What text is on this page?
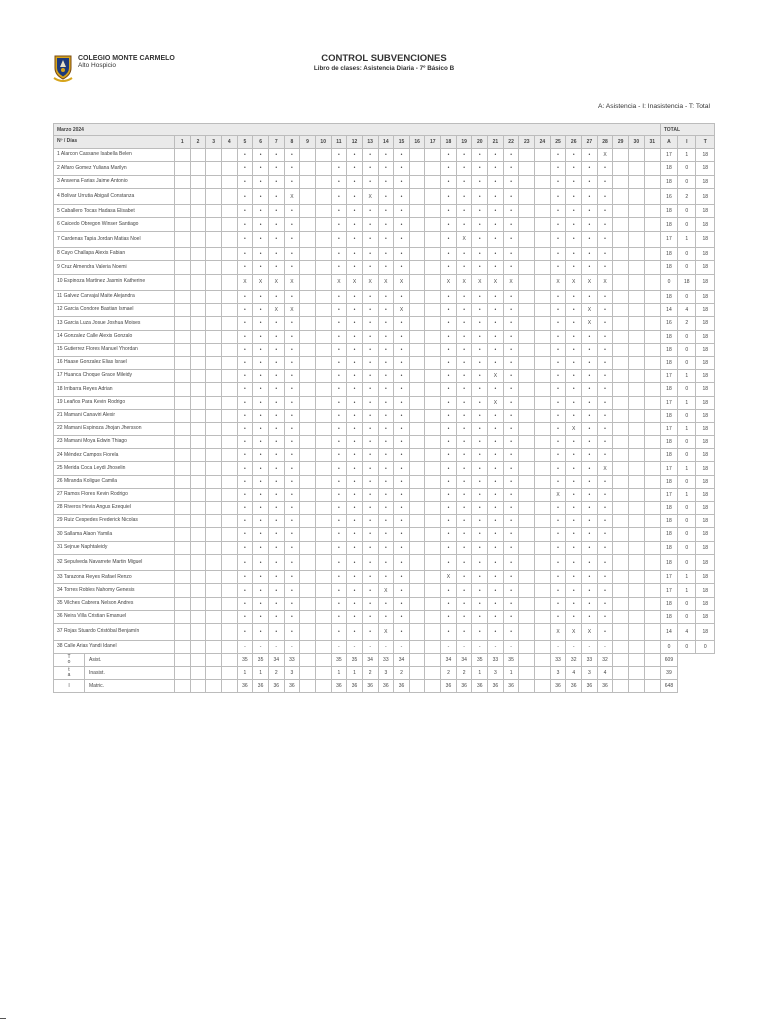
COLEGIO MONTE CARMELO
Alto Hospicio
CONTROL SUBVENCIONES
Libro de clases: Asistencia Diaria - 7º Básico B
A: Asistencia - I: Inasistencia - T: Total
Marzo 2024																																TOTAL		
Nº / Días	1	2	3	4	5	6	7	8	9	10	11	12	13	14	15	16	17	18	19	20	21	22	23	24	25	26	27	28	29	30	31	A	I	T
1 Alarcon Cassane Isabella Belen					•	•	•	•			•	•	•	•	•			•	•	•	•	•			•	•	•	X				17	1	18
2 Alfaro Gomez Yuliana Marilyn					•	•	•	•			•	•	•	•	•			•	•	•	•	•			•	•	•	•				18	0	18
3 Aravena Farias Jaime Antonio					•	•	•	•			•	•	•	•	•			•	•	•	•	•			•	•	•	•				18	0	18
4 Bolivar Urrutia Abigail Constanza					•	•	•	X			•	•	X	•	•			•	•	•	•	•			•	•	•	•				16	2	18
5 Caballero Tocas Hadasa Elisabet					•	•	•	•			•	•	•	•	•			•	•	•	•	•			•	•	•	•				18	0	18
6 Caicedo Obregon Winser Santiago					•	•	•	•			•	•	•	•	•			•	•	•	•	•			•	•	•	•				18	0	18
7 Cardenas Tapia Jordan Matias Noel					•	•	•	•			•	•	•	•	•			•	X	•	•	•			•	•	•	•				17	1	18
8 Cayo Challapa Alexis Fabian					•	•	•	•			•	•	•	•	•			•	•	•	•	•			•	•	•	•				18	0	18
9 Cruz Almendra Valeria Noemi					•	•	•	•			•	•	•	•	•			•	•	•	•	•			•	•	•	•				18	0	18
10 Espinoza Martinez Jasmin Katherine					X	X	X	X			X	X	X	X	X			X	X	X	X	X			X	X	X	X				0	18	18
11 Galvez Carvajal Maite Alejandra					•	•	•	•			•	•	•	•	•			•	•	•	•	•			•	•	•	•				18	0	18
12 Garcia Condore Bastian Ismael					•	•	X	X			•	•	•	•	X			•	•	•	•	•			•	•	X	•				14	4	18
13 Garcia Luza Josue Joshua Moises					•	•	•	•			•	•	•	•	•			•	•	•	•	•			•	•	X	•				16	2	18
14 Gonzalez Calle Alexis Gonzalo					•	•	•	•			•	•	•	•	•			•	•	•	•	•			•	•	•	•				18	0	18
15 Gutierrez Flores Manuel Yhordan					•	•	•	•			•	•	•	•	•			•	•	•	•	•			•	•	•	•				18	0	18
16 Haase Gonzalez Elias Israel					•	•	•	•			•	•	•	•	•			•	•	•	•	•			•	•	•	•				18	0	18
17 Huanca Choque Grace Mileidy					•	•	•	•			•	•	•	•	•			•	•	•	X	•			•	•	•	•				17	1	18
18 Irribarra Reyes Adrian					•	•	•	•			•	•	•	•	•			•	•	•	•	•			•	•	•	•				18	0	18
19 Leaños Para Kevin Rodrigo					•	•	•	•			•	•	•	•	•			•	•	•	X	•			•	•	•	•				17	1	18
21 Mamani Canaviri Alexir					•	•	•	•			•	•	•	•	•			•	•	•	•	•			•	•	•	•				18	0	18
22 Mamani Espinoza Jhojan Jhersson					•	•	•	•			•	•	•	•	•			•	•	•	•	•			•	X	•	•				17	1	18
23 Mamani Moya Edwin Thiago					•	•	•	•			•	•	•	•	•			•	•	•	•	•			•	•	•	•				18	0	18
24 Méndez Campos Fiorela					•	•	•	•			•	•	•	•	•			•	•	•	•	•			•	•	•	•				18	0	18
25 Merida Coca Leydi Jhoselin					•	•	•	•			•	•	•	•	•			•	•	•	•	•			•	•	•	X				17	1	18
26 Miranda Koligue Camila					•	•	•	•			•	•	•	•	•			•	•	•	•	•			•	•	•	•				18	0	18
27 Ramos Flores Kevin Rodrigo					•	•	•	•			•	•	•	•	•			•	•	•	•	•			X	•	•	•				17	1	18
28 Riveros Hevia Angus Ezequiel					•	•	•	•			•	•	•	•	•			•	•	•	•	•			•	•	•	•				18	0	18
29 Ruiz Cespedes Frederick Nicolas					•	•	•	•			•	•	•	•	•			•	•	•	•	•			•	•	•	•				18	0	18
30 Sallama Alaon Yamila					•	•	•	•			•	•	•	•	•			•	•	•	•	•			•	•	•	•				18	0	18
31 Sejnue Naphtaleidy					•	•	•	•			•	•	•	•	•			•	•	•	•	•			•	•	•	•				18	0	18
32 Sepulveda Navarrete Martin Miguel					•	•	•	•			•	•	•	•	•			•	•	•	•	•			•	•	•	•				18	0	18
33 Tarazona Reyes Rafael Renzo					•	•	•	•			•	•	•	•	•			X	•	•	•	•			•	•	•	•				17	1	18
34 Torres Robles Nahomy Genesis					•	•	•	•			•	•	•	X	•			•	•	•	•	•			•	•	•	•				17	1	18
35 Vilches Cabrera Nelson Andres					•	•	•	•			•	•	•	•	•			•	•	•	•	•			•	•	•	•				18	0	18
36 Neira Villa Cristian Emanuel					•	•	•	•			•	•	•	•	•			•	•	•	•	•			•	•	•	•				18	0	18
37 Rojas Stuardo Cristóbal Benjamín					•	•	•	•			•	•	•	X	•			•	•	•	•	•			X	X	X	•				14	4	18
38 Calle Arias Yandi Idanel					-	-	-	-			-	-	-	-	-			-	-	-	-	-			-	-	-	-				0	0	0

T
o Asist.					35	35	34	33			35	35	34	33	34			34	34	35	33	35			33	32	33	32				609		

t
a Inasist.					1	1	2	3			1	1	2	3	2			2	2	1	3	1			3	4	3	4				39		

l Matric.					36	36	36	36			36	36	36	36	36			36	36	36	36	36			36	36	36	36				648		
